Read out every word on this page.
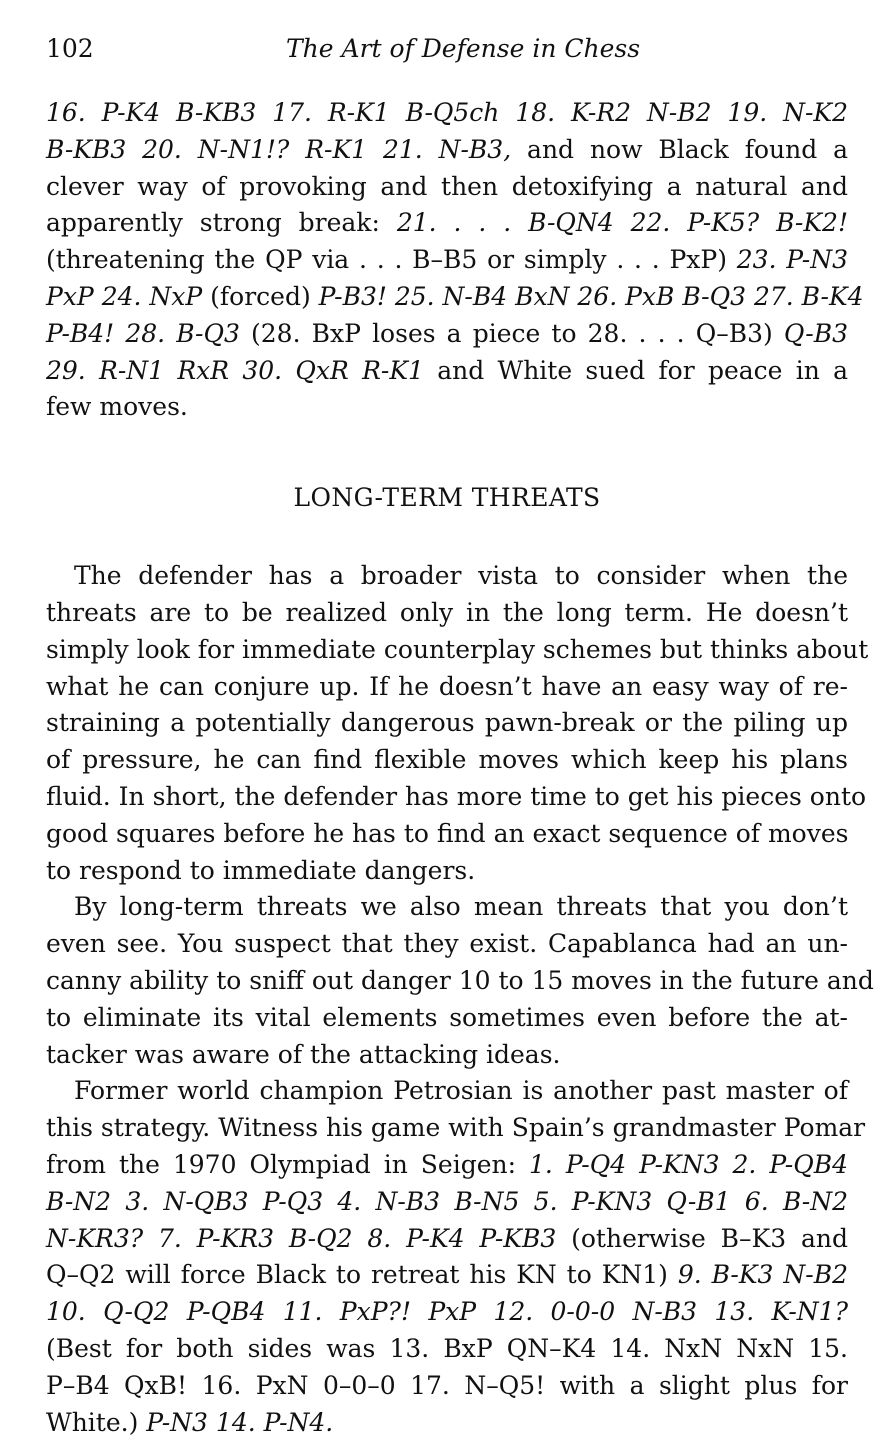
102	The Art of Defense in Chess
16. P-K4 B-KB3 17. R-K1 B-Q5ch 18. K-R2 N-B2 19. N-K2
B-KB3 20. N-N1!? R-K1 21. N-B3, and now Black found a
clever way of provoking and then detoxifying a natural and
apparently strong break: 21. . . . B-QN4 22. P-K5? B-K2!
(threatening the QP via . . . B–B5 or simply . . . PxP) 23. P-N3
PxP 24. NxP (forced) P-B3! 25. N-B4 BxN 26. PxB B-Q3 27. B-K4
P-B4! 28. B-Q3 (28. BxP loses a piece to 28. . . . Q–B3) Q-B3
29. R-N1 RxR 30. QxR R-K1 and White sued for peace in a
few moves.
LONG-TERM THREATS
The defender has a broader vista to consider when the
threats are to be realized only in the long term. He doesn’t
simply look for immediate counterplay schemes but thinks about
what he can conjure up. If he doesn’t have an easy way of re-
straining a potentially dangerous pawn-break or the piling up
of pressure, he can find flexible moves which keep his plans
fluid. In short, the defender has more time to get his pieces onto
good squares before he has to find an exact sequence of moves
to respond to immediate dangers.
By long-term threats we also mean threats that you don’t
even see. You suspect that they exist. Capablanca had an un-
canny ability to sniff out danger 10 to 15 moves in the future and
to eliminate its vital elements sometimes even before the at-
tacker was aware of the attacking ideas.
Former world champion Petrosian is another past master of
this strategy. Witness his game with Spain’s grandmaster Pomar
from the 1970 Olympiad in Seigen: 1. P-Q4 P-KN3 2. P-QB4
B-N2 3. N-QB3 P-Q3 4. N-B3 B-N5 5. P-KN3 Q-B1 6. B-N2
N-KR3? 7. P-KR3 B-Q2 8. P-K4 P-KB3 (otherwise B–K3 and
Q–Q2 will force Black to retreat his KN to KN1) 9. B-K3 N-B2
10. Q-Q2 P-QB4 11. PxP?! PxP 12. 0-0-0 N-B3 13. K-N1?
(Best for both sides was 13. BxP QN–K4 14. NxN NxN 15.
P–B4 QxB! 16. PxN 0–0–0 17. N–Q5! with a slight plus for
White.) P-N3 14. P-N4.
